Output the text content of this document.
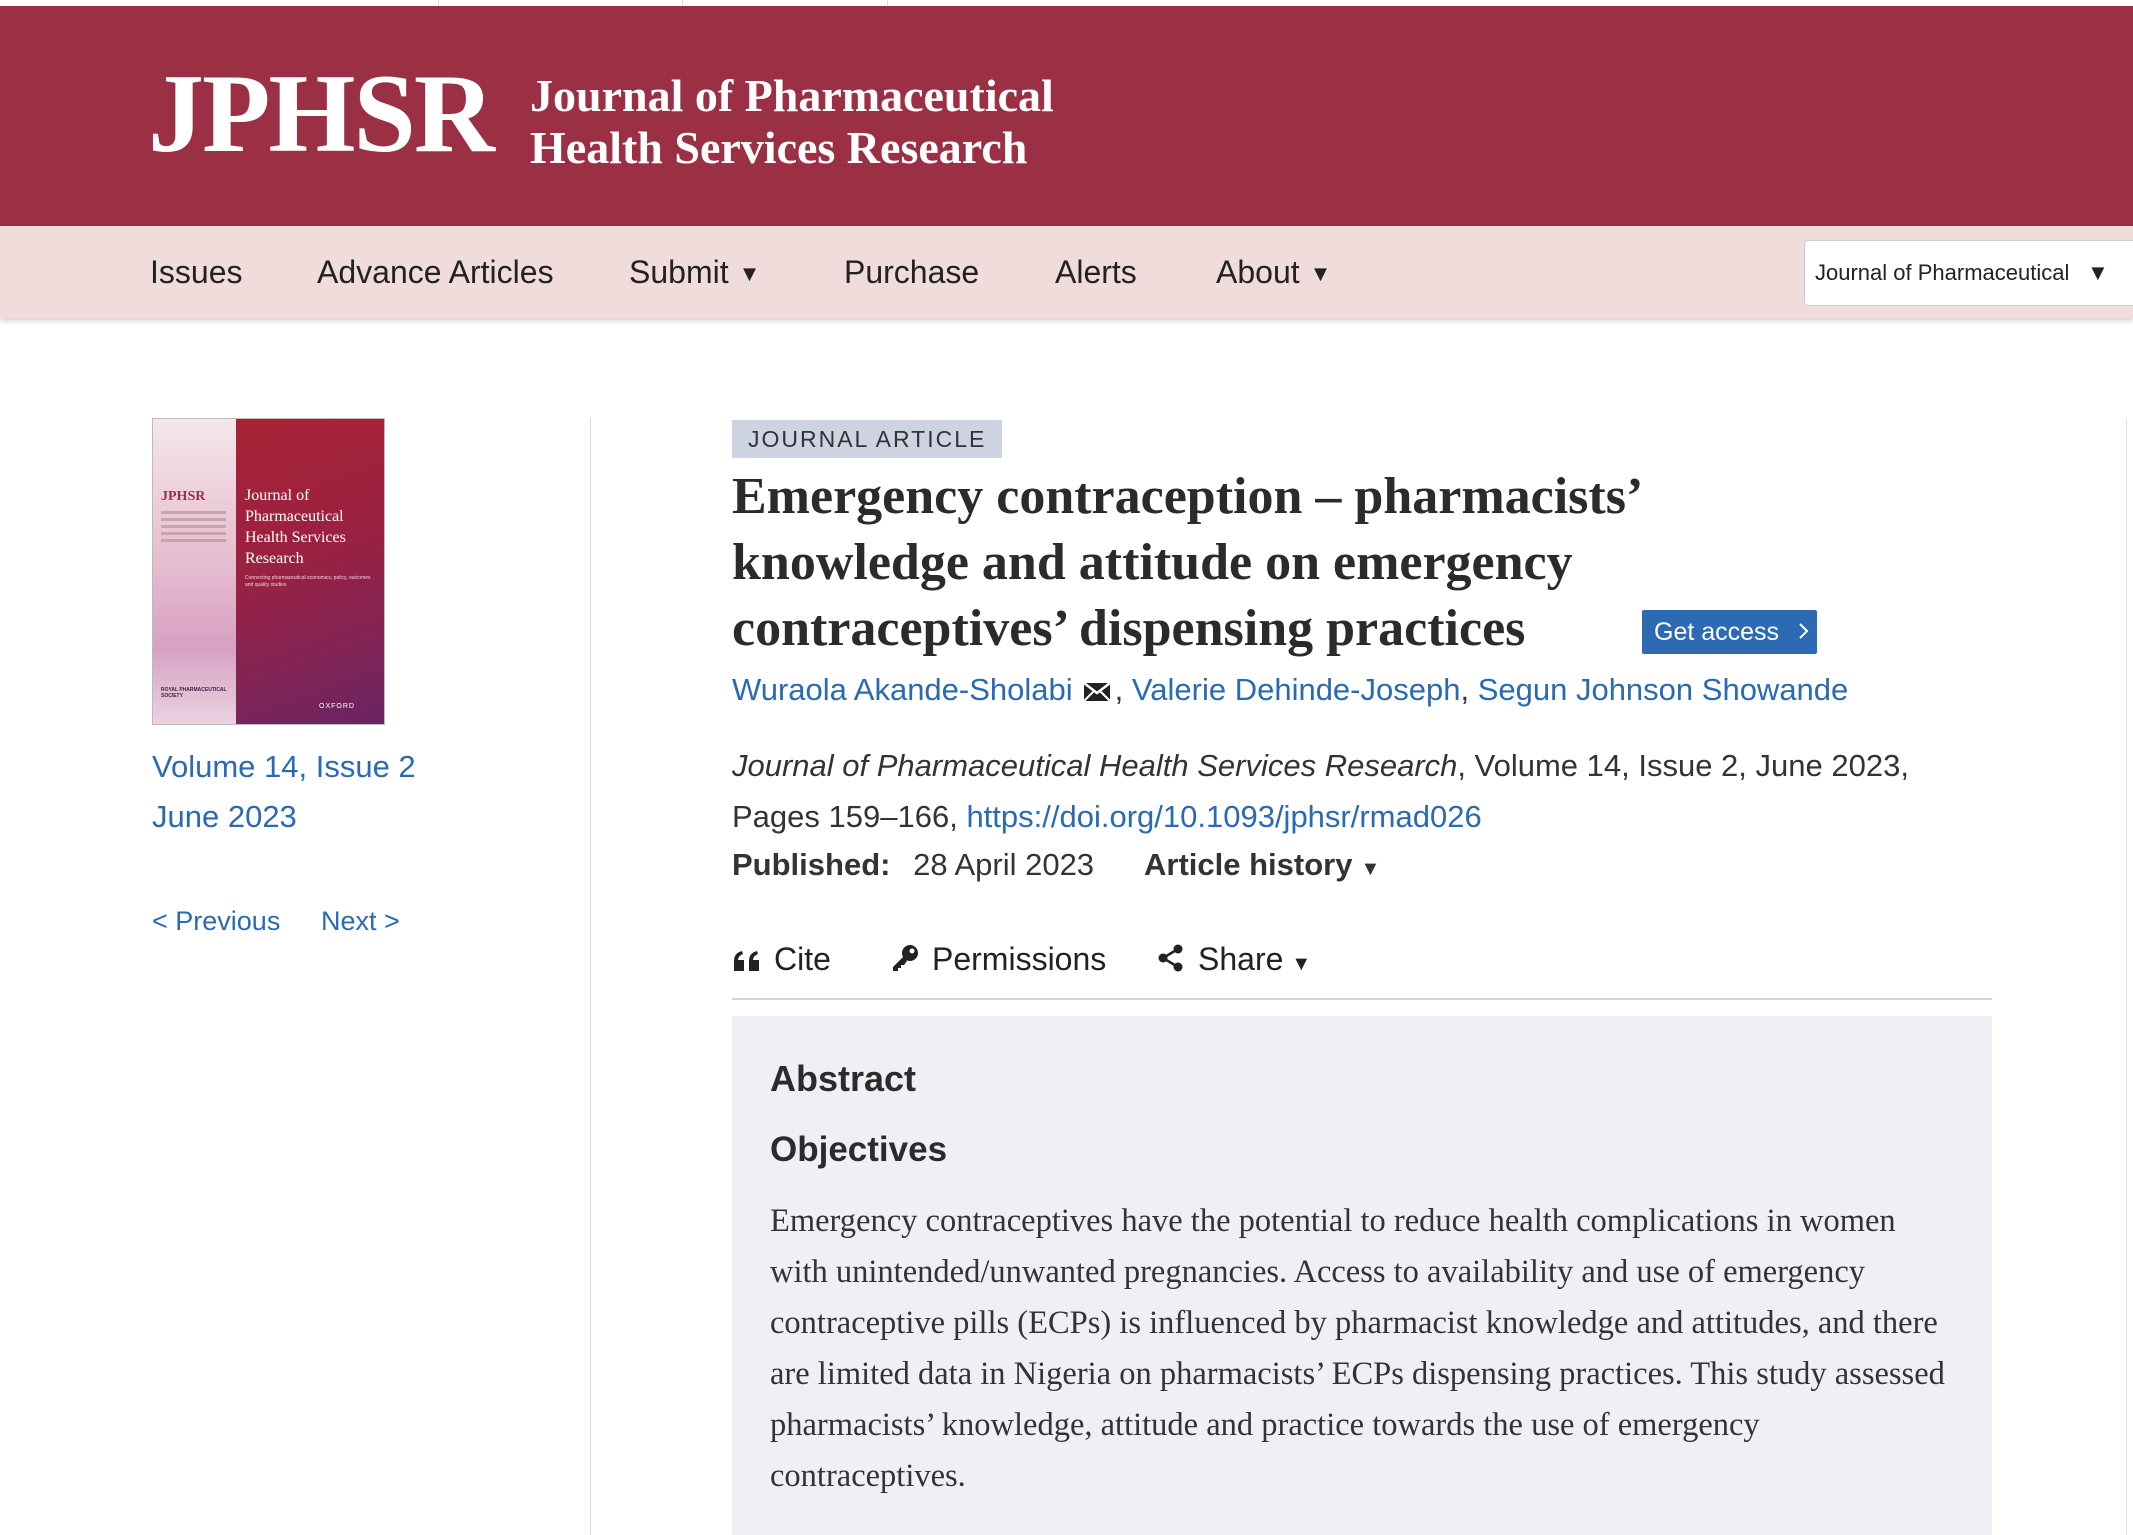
JPHSR Journal of Pharmaceutical
Health Services Research
Issues Advance Articles Submit ▼	Purchase Alerts About ▼	Journal of Pharmaceutical ▼
JPHSR Journal of Pharmaceutical Health Services Research
Connecting pharmaceutical economics, policy, outcomes and quality studies
ROYAL PHARMACEUTICAL SOCIETY
OXFORD
Volume 14, Issue 2
June 2023
< Previous Next >
JOURNAL ARTICLE
Emergency contraception – pharmacists’ knowledge and attitude on emergency contraceptives’ dispensing practices	Get access
Wuraola Akande-Sholabi , Valerie Dehinde-Joseph, Segun Johnson Showande
Journal of Pharmaceutical Health Services Research, Volume 14, Issue 2, June 2023, Pages 159–166, https://doi.org/10.1093/jphsr/rmad026
Published: 28 April 2023 Article history ▼
Cite	Permissions	Share ▼
Abstract
Objectives

Emergency contraceptives have the potential to reduce health complications in women with unintended/unwanted pregnancies. Access to availability and use of emergency contraceptive pills (ECPs) is influenced by pharmacist knowledge and attitudes, and there are limited data in Nigeria on pharmacists’ ECPs dispensing practices. This study assessed pharmacists’ knowledge, attitude and practice towards the use of emergency contraceptives.
